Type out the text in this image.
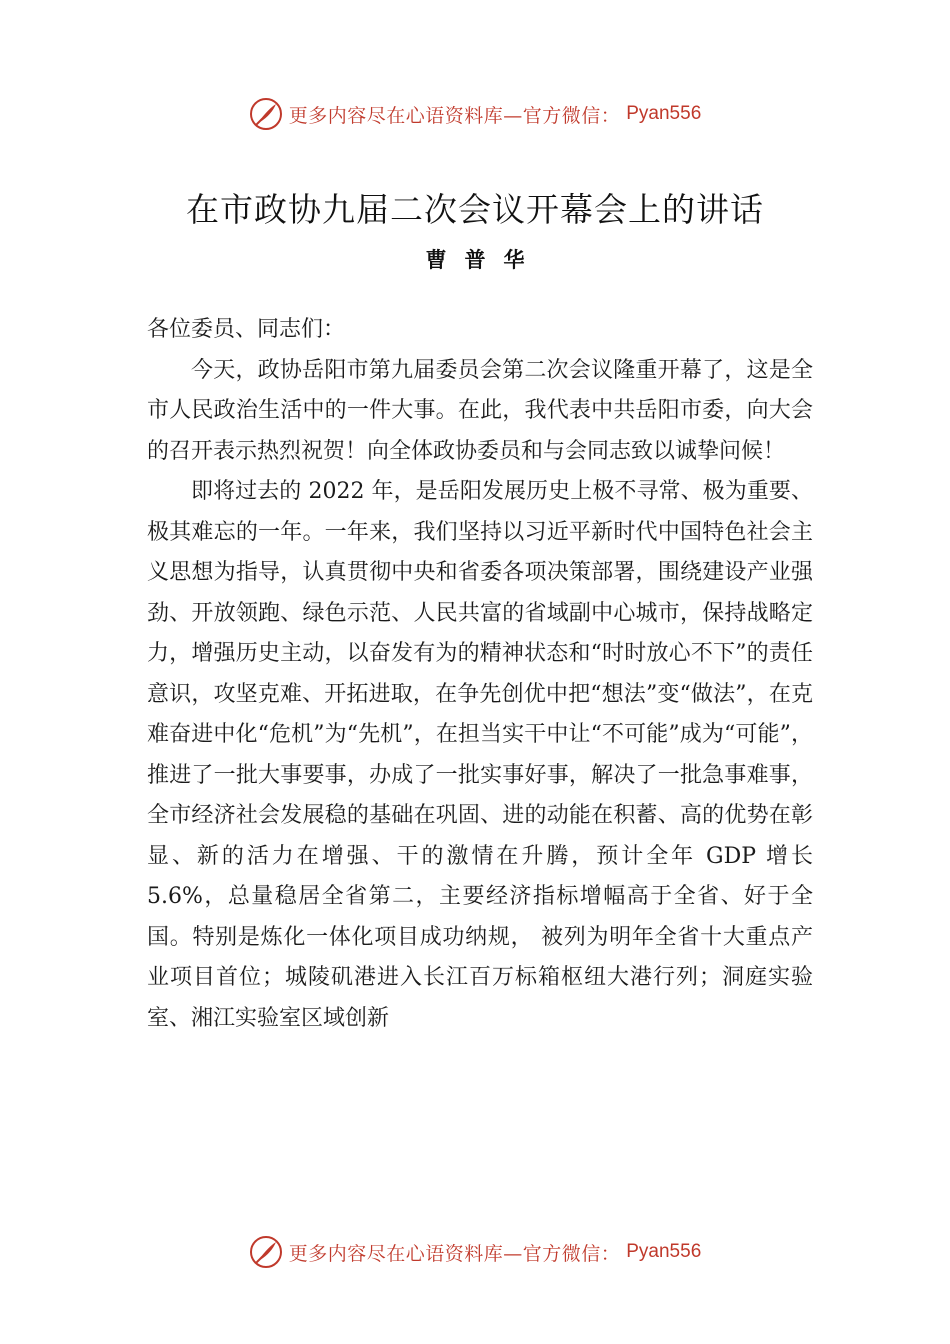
更多内容尽在心语资料库—官方微信： Pyan556
在市政协九届二次会议开幕会上的讲话
曹普华

各位委员、同志们：

今天，政协岳阳市第九届委员会第二次会议隆重开幕了，这是全市人民政治生活中的一件大事。在此，我代表中共岳阳市委，向大会的召开表示热烈祝贺！向全体政协委员和与会同志致以诚挚问候！

即将过去的 2022 年，是岳阳发展历史上极不寻常、极为重要、极其难忘的一年。一年来，我们坚持以习近平新时代中国特色社会主义思想为指导，认真贯彻中央和省委各项决策部署，围绕建设产业强劲、开放领跑、绿色示范、人民共富的省域副中心城市，保持战略定力，增强历史主动，以奋发有为的精神状态和“时时放心不下”的责任意识，攻坚克难、开拓进取，在争先创优中把“想法”变“做法”，在克难奋进中化“危机”为“先机”，在担当实干中让“不可能”成为“可能”，推进了一批大事要事，办成了一批实事好事，解决了一批急事难事，全市经济社会发展稳的基础在巩固、进的动能在积蓄、高的优势在彰显、新的活力在增强、干的激情在升腾，预计全年 GDP 增长 5.6%，总量稳居全省第二，主要经济指标增幅高于全省、好于全国。特别是炼化一体化项目成功纳规， 被列为明年全省十大重点产业项目首位；城陵矶港进入长江百万标箱枢纽大港行列；洞庭实验室、湘江实验室区域创新

更多内容尽在心语资料库—官方微信： Pyan556
